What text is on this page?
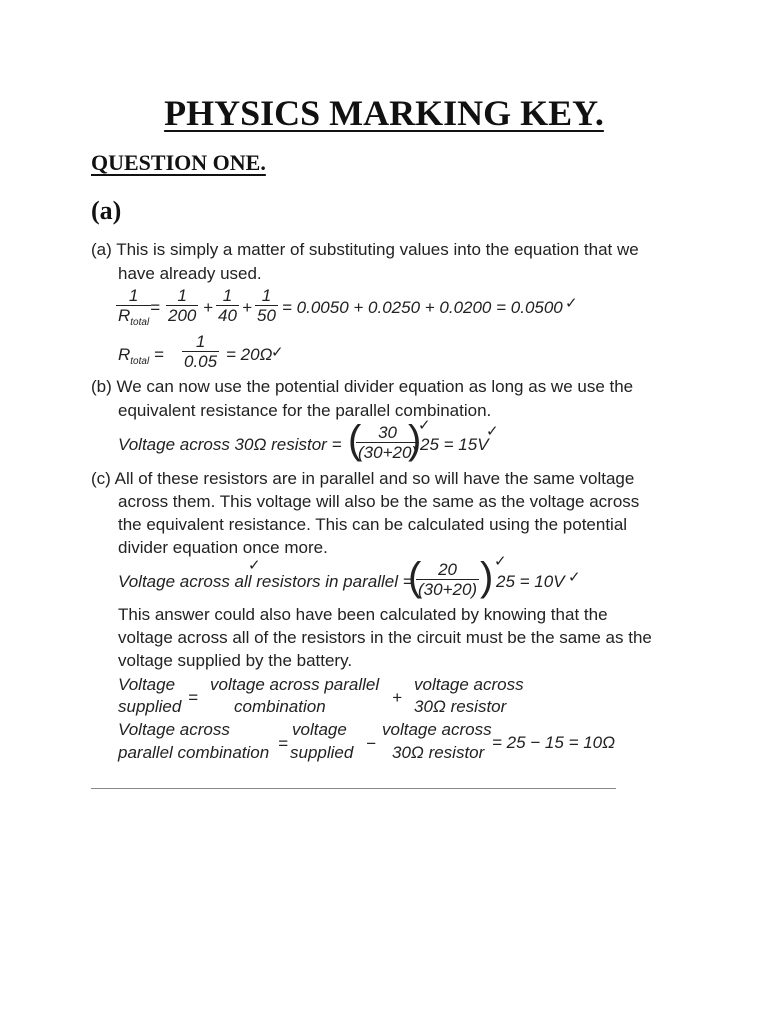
PHYSICS MARKING KEY.
QUESTION ONE.
(a)
(a) This is simply a matter of substituting values into the equation that we
have already used.
1
$R_{total}$
= $\frac{1}{200} + \frac{1}{40} + \frac{1}{50} = 0.0050 + 0.0250 + 0.0200 = 0.0500$ ✓
$R_{total} = \frac{1}{0.05} = 20\Omega$
✓
(b) We can now use the potential divider equation as long as we use the
equivalent resistance for the parallel combination.
Voltage across 30Ω resistor = (
$\frac{30}{(30+20)}$
)
25 = 15V
✓	✓
(c) All of these resistors are in parallel and so will have the same voltage
across them. This voltage will also be the same as the voltage across
the equivalent resistance. This can be calculated using the potential
divider equation once more.
Voltage across all resistors in parallel =
✓	(
$\frac{20}{(30+20)}$ ) 25 = 10V
✓
✓
This answer could also have been calculated by knowing that the
voltage across all of the resistors in the circuit must be the same as the
voltage supplied by the battery.
Voltage voltage across parallel voltage across
=	+
supplied	combination	30Ω resistor
Voltage across	voltage voltage across
=	−
parallel combination supplied 30Ω resistor
= 25 − 15 = 10Ω
